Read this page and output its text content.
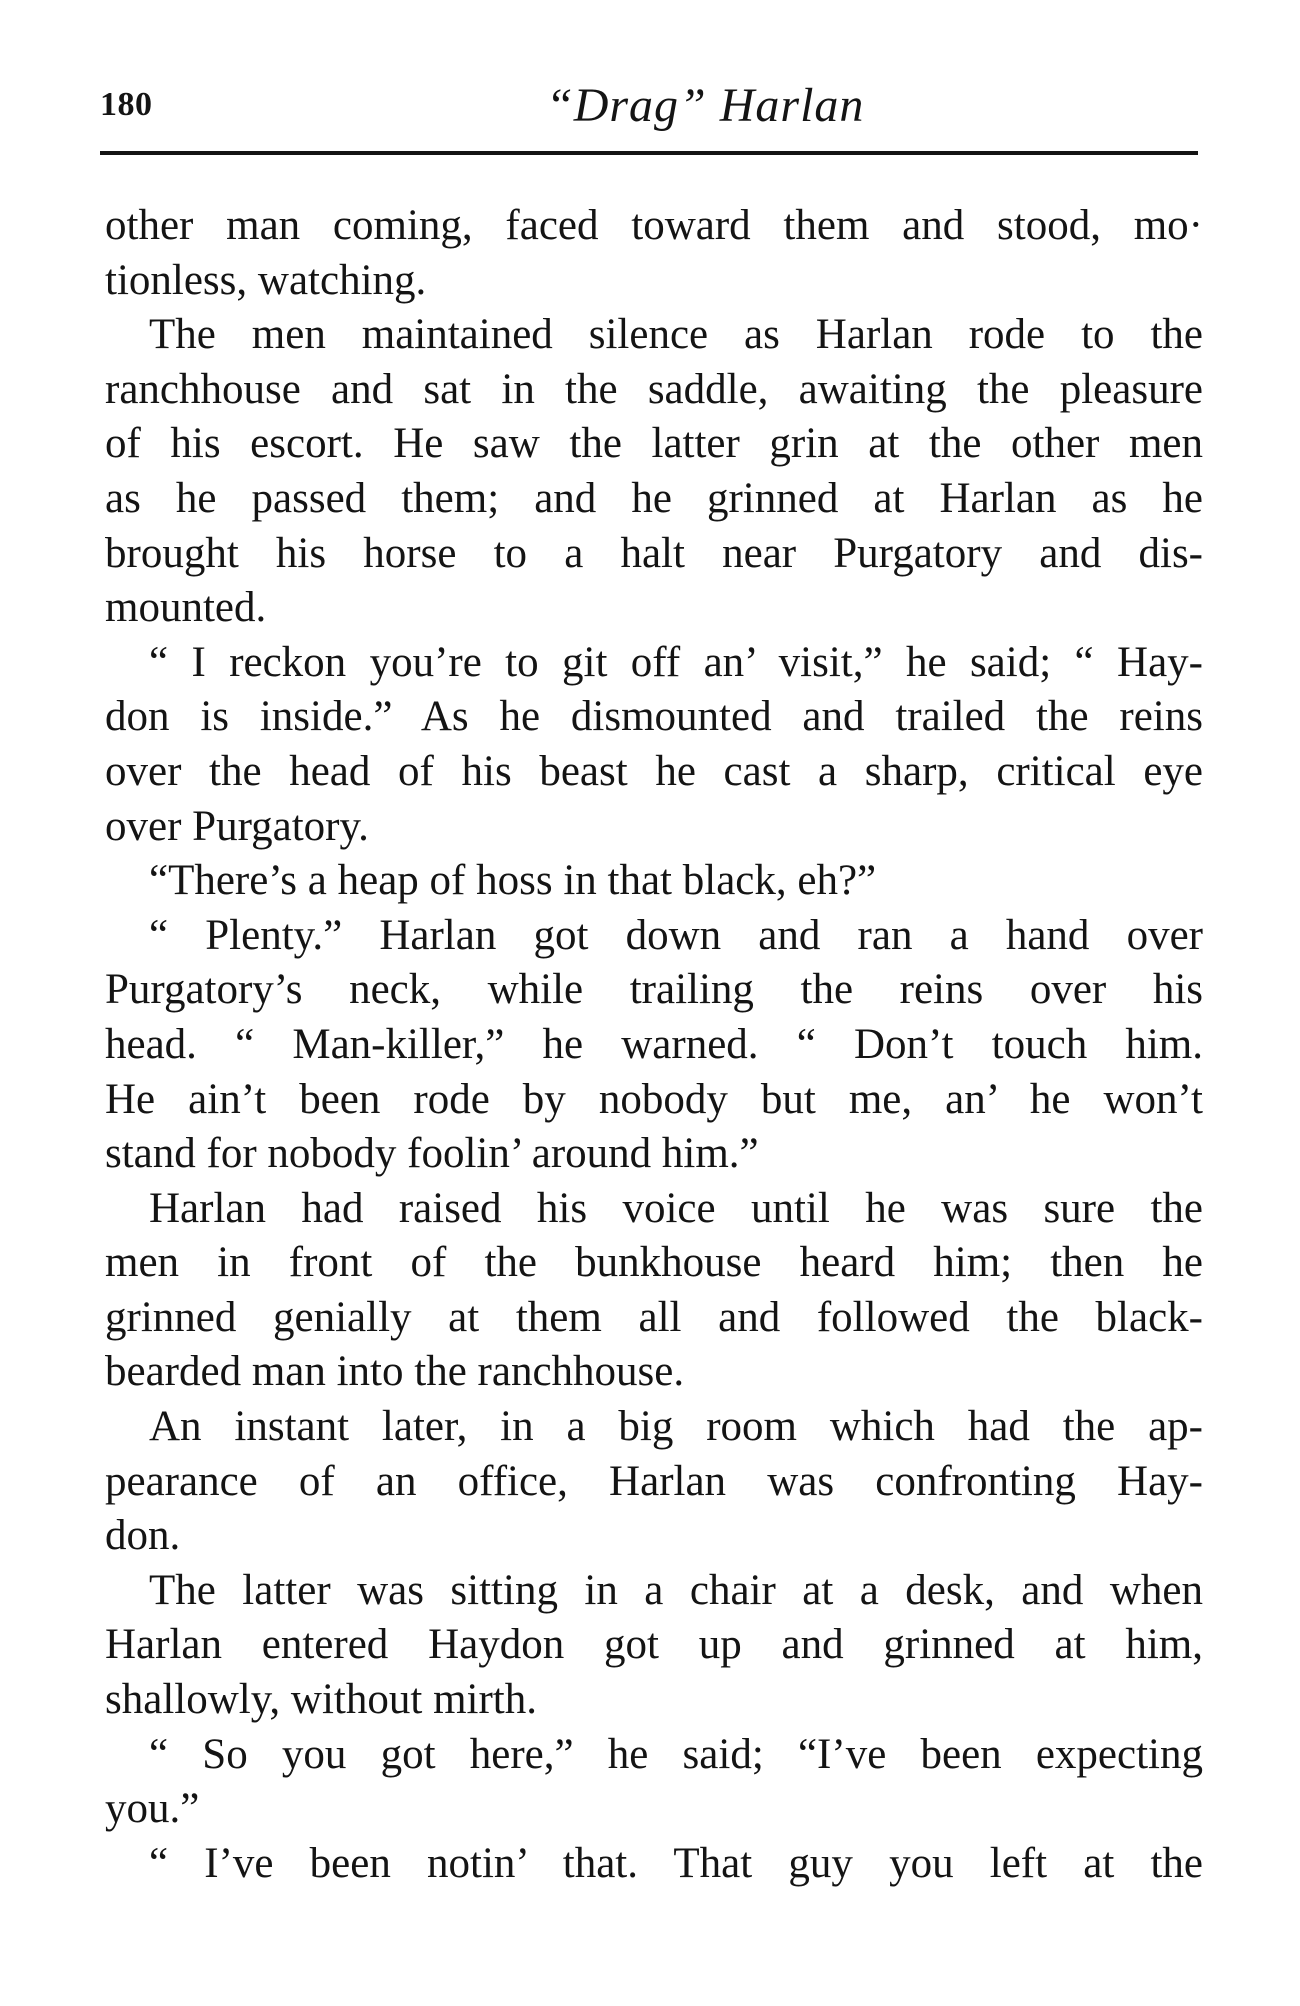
180	“Drag” Harlan
other man coming, faced toward them and stood, mo·
tionless, watching.
The men maintained silence as Harlan rode to the
ranchhouse and sat in the saddle, awaiting the pleasure
of his escort. He saw the latter grin at the other men
as he passed them; and he grinned at Harlan as he
brought his horse to a halt near Purgatory and dis-
mounted.
“ I reckon you’re to git off an’ visit,” he said; “ Hay-
don is inside.” As he dismounted and trailed the reins
over the head of his beast he cast a sharp, critical eye
over Purgatory.
“There’s a heap of hoss in that black, eh?”
“ Plenty.” Harlan got down and ran a hand over
Purgatory’s neck, while trailing the reins over his
head. “ Man-killer,” he warned. “ Don’t touch him.
He ain’t been rode by nobody but me, an’ he won’t
stand for nobody foolin’ around him.”
Harlan had raised his voice until he was sure the
men in front of the bunkhouse heard him; then he
grinned genially at them all and followed the black-
bearded man into the ranchhouse.
An instant later, in a big room which had the ap-
pearance of an office, Harlan was confronting Hay-
don.
The latter was sitting in a chair at a desk, and when
Harlan entered Haydon got up and grinned at him,
shallowly, without mirth.
“ So you got here,” he said; “I’ve been expecting
you.”
“ I’ve been notin’ that. That guy you left at the
